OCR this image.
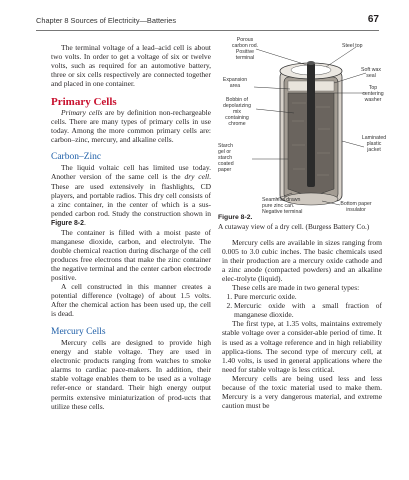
Chapter 8 Sources of Electricity—Batteries	67

The terminal voltage of a lead–acid cell is about two volts. In order to get a voltage of six or twelve volts, such as required for an automotive battery, three or six cells respectively are connected together and placed in one container.

Primary Cells

Primary cells are by definition non-rechargeable cells. There are many types of primary cells in use today. Among the more common primary cells are: carbon–zinc, mercury, and alkaline cells.

Carbon–Zinc

The liquid voltaic cell has limited use today. Another version of the same cell is the dry cell. These are used extensively in flashlights, CD players, and portable radios. This dry cell consists of a zinc container, in the center of which is a sus-pended carbon rod. Study the construction shown in Figure 8-2.

The container is filled with a moist paste of manganese dioxide, carbon, and electrolyte. The double chemical reaction during discharge of the cell produces free electrons that make the zinc container the negative terminal and the center carbon electrode positive.

A cell constructed in this manner creates a potential difference (voltage) of about 1.5 volts. After the chemical action has been used up, the cell is dead.

Mercury Cells

Mercury cells are designed to provide high energy and stable voltage. They are used in electronic products ranging from watches to smoke alarms to cardiac pace-makers. In addition, their stable voltage enables them to be used as a voltage refer-ence or standard. Their high energy output permits extensive miniaturization of prod-ucts that utilize these cells.

Porous
carbon rod.
Positive
terminal
Steel top
Soft wax
seal
Expansion
area
Bobbin of
depolarizing
mix
containing
chrome
Top
centering
washer
Starch
gel or
starch
coated
paper
Laminated
plastic
jacket
Seamless drawn
pure zinc can.
Negative terminal
Bottom paper
insulator
Figure 8-2.
A cutaway view of a dry cell. (Burgess Battery Co.)

Mercury cells are available in sizes ranging from 0.005 to 3.0 cubic inches. The basic chemicals used in their production are a mercury oxide cathode and a zinc anode (compacted powders) and an alkaline elec-trolyte (liquid).

These cells are made in two general types:

1. Pure mercuric oxide.
2. Mercuric oxide with a small fraction of manganese dioxide.

The first type, at 1.35 volts, maintains extremely stable voltage over a consider-able period of time. It is used as a voltage reference and in high reliability applica-tions. The second type of mercury cell, at 1.40 volts, is used in general applications where the need for stable voltage is less critical.

Mercury cells are being used less and less because of the toxic material used to make them. Mercury is a very dangerous material, and extreme caution must be
